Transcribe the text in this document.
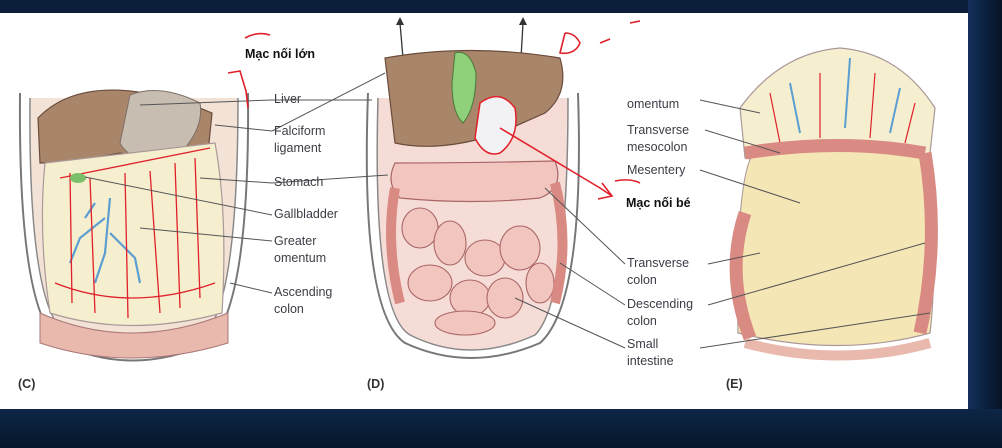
(C)	(D)	(E)
Liver
Falciform
ligament
Stomach
Gallbladder
Greater
omentum
Ascending
colon
Transverse
colon
Descending
colon
Small
intestine
omentum
Transverse
mesocolon
Mesentery
Mạc nối lớn
Mạc nối bé
